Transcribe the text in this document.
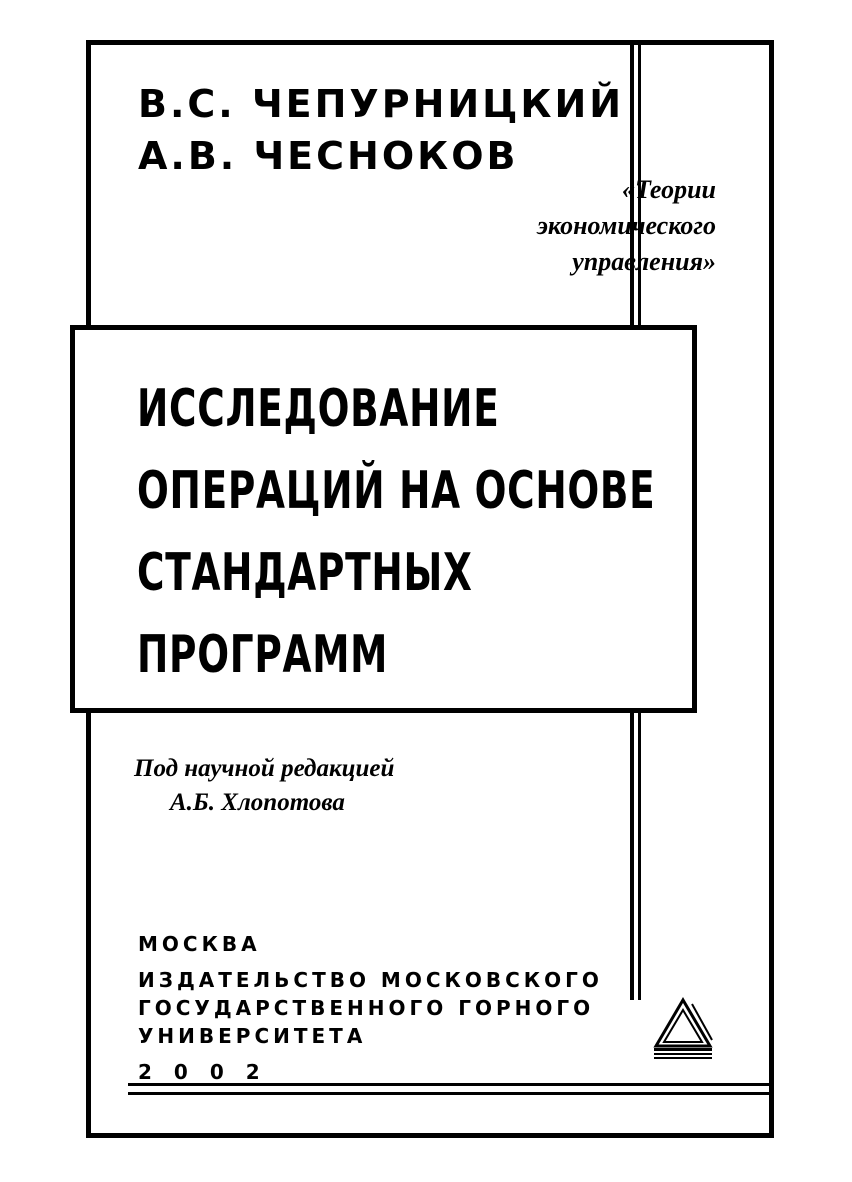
В.С. ЧЕПУРНИЦКИЙ
А.В. ЧЕСНОКОВ
«Теории
экономического
управления»
ИССЛЕДОВАНИЕ
ОПЕРАЦИЙ НА ОСНОВЕ
СТАНДАРТНЫХ
ПРОГРАММ
Под научной редакцией
А.Б. Хлопотова
МОСКВА
ИЗДАТЕЛЬСТВО МОСКОВСКОГО
ГОСУДАРСТВЕННОГО ГОРНОГО
УНИВЕРСИТЕТА
2002
